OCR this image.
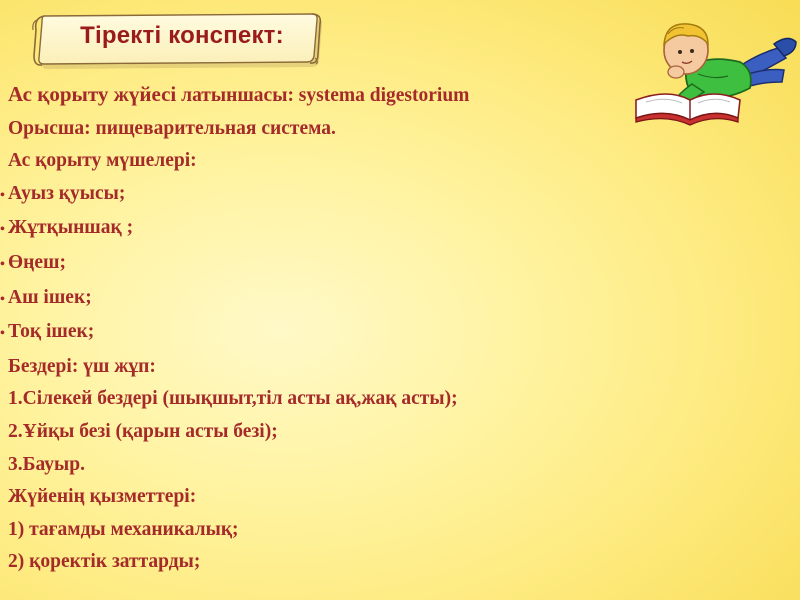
Тіректі конспект:
Ас қорыту жүйесі латыншасы: systema digestorium
Орысша: пищеварительная система.
Ас қорыту мүшелері:
• Ауыз қуысы;
• Жұтқыншақ ;
• Өңеш;
• Аш ішек;
• Тоқ ішек;
Бездері: үш жұп:
1.Сілекей бездері (шықшыт,тіл асты ақ,жақ асты);
2.Ұйқы безі (қарын асты безі);
3.Бауыр.
Жүйенің қызметтері:
1) тағамды механикалық;
2) қоректік заттарды;
